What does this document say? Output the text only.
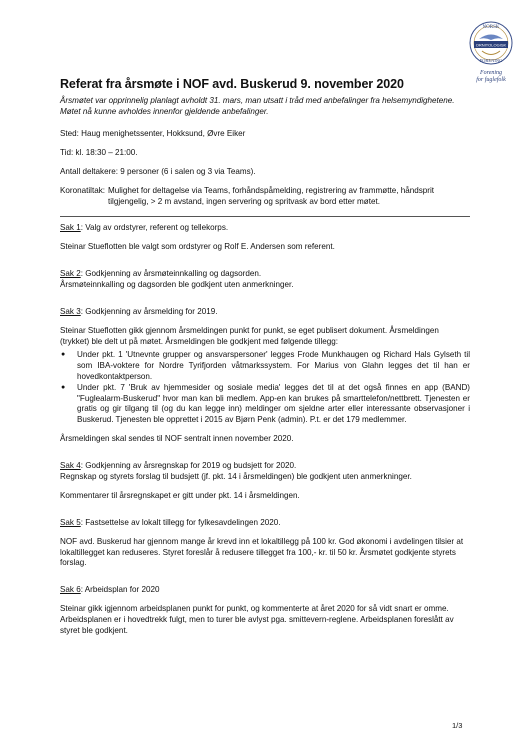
NORSK
ORNITOLOGISK
FORENING
Forening
for fuglefolk
Referat fra årsmøte i NOF avd. Buskerud 9. november 2020
Årsmøtet var opprinnelig planlagt avholdt 31. mars, man utsatt i tråd med anbefalinger fra helsemyndighetene. Møtet nå kunne avholdes innenfor gjeldende anbefalinger.

Sted: Haug menighetssenter, Hokksund, Øvre Eiker

Tid: kl. 18:30 – 21:00.

Antall deltakere: 9 personer (6 i salen og 3 via Teams).

Koronatiltak: Mulighet for deltagelse via Teams, forhåndspåmelding, registrering av frammøtte, håndsprit tilgjengelig, > 2 m avstand, ingen servering og spritvask av bord etter møtet.

Sak 1: Valg av ordstyrer, referent og tellekorps.

Steinar Stueflotten ble valgt som ordstyrer og Rolf E. Andersen som referent.

Sak 2: Godkjenning av årsmøteinnkalling og dagsorden.

Årsmøteinnkalling og dagsorden ble godkjent uten anmerkninger.

Sak 3: Godkjenning av årsmelding for 2019.

Steinar Stueflotten gikk gjennom årsmeldingen punkt for punkt, se eget publisert dokument. Årsmeldingen (trykket) ble delt ut på møtet. Årsmeldingen ble godkjent med følgende tillegg:
●	Under pkt. 1 'Utnevnte grupper og ansvarspersoner' legges Frode Munkhaugen og Richard Hals Gylseth til som IBA-voktere for Nordre Tyrifjorden våtmarkssystem. For Marius von Glahn legges det til han er hovedkontaktperson.
●	Under pkt. 7 'Bruk av hjemmesider og sosiale media' legges det til at det også finnes en app (BAND) "Fuglealarm-Buskerud" hvor man kan bli medlem. App-en kan brukes på smarttelefon/nettbrett. Tjenesten er gratis og gir tilgang til (og du kan legge inn) meldinger om sjeldne arter eller interessante observasjoner i Buskerud. Tjenesten ble opprettet i 2015 av Bjørn Penk (admin). P.t. er det 179 medlemmer.

Årsmeldingen skal sendes til NOF sentralt innen november 2020.

Sak 4: Godkjenning av årsregnskap for 2019 og budsjett for 2020.

Regnskap og styrets forslag til budsjett (jf. pkt. 14 i årsmeldingen) ble godkjent uten anmerkninger.

Kommentarer til årsregnskapet er gitt under pkt. 14 i årsmeldingen.

Sak 5: Fastsettelse av lokalt tillegg for fylkesavdelingen 2020.

NOF avd. Buskerud har gjennom mange år krevd inn et lokaltillegg på 100 kr. God økonomi i avdelingen tilsier at lokaltillegget kan reduseres. Styret foreslår å redusere tillegget fra 100,- kr. til 50 kr. Årsmøtet godkjente styrets forslag.

Sak 6: Arbeidsplan for 2020

Steinar gikk igjennom arbeidsplanen punkt for punkt, og kommenterte at året 2020 for så vidt snart er omme. Arbeidsplanen er i hovedtrekk fulgt, men to turer ble avlyst pga. smittevern-reglene. Arbeidsplanen foreslått av styret ble godkjent.

1/3
